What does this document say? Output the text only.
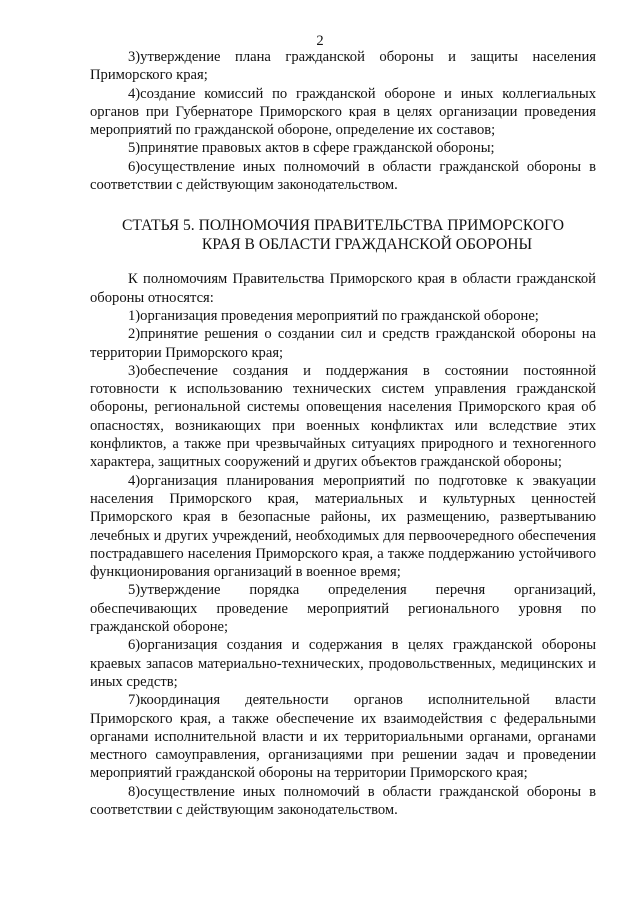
2

3)утверждение плана гражданской обороны и защиты населения Приморского края;

4)создание комиссий по гражданской обороне и иных коллегиальных органов при Губернаторе Приморского края в целях организации проведения мероприятий по гражданской обороне, определение их составов;

5)принятие правовых актов в сфере гражданской обороны;

6)осуществление иных полномочий в области гражданской обороны в соответствии с действующим законодательством.

СТАТЬЯ 5. ПОЛНОМОЧИЯ ПРАВИТЕЛЬСТВА ПРИМОРСКОГО
КРАЯ В ОБЛАСТИ ГРАЖДАНСКОЙ ОБОРОНЫ

К полномочиям Правительства Приморского края в области гражданской обороны относятся:

1)организация проведения мероприятий по гражданской обороне;

2)принятие решения о создании сил и средств гражданской обороны на территории Приморского края;

3)обеспечение создания и поддержания в состоянии постоянной готовности к использованию технических систем управления гражданской обороны, региональной системы оповещения населения Приморского края об опасностях, возникающих при военных конфликтах или вследствие этих конфликтов, а также при чрезвычайных ситуациях природного и техногенного характера, защитных сооружений и других объектов гражданской обороны;

4)организация планирования мероприятий по подготовке к эвакуации населения Приморского края, материальных и культурных ценностей Приморского края в безопасные районы, их размещению, развертыванию лечебных и других учреждений, необходимых для первоочередного обеспечения пострадавшего населения Приморского края, а также поддержанию устойчивого функционирования организаций в военное время;

5)утверждение порядка определения перечня организаций, обеспечивающих проведение мероприятий регионального уровня по гражданской обороне;

6)организация создания и содержания в целях гражданской обороны краевых запасов материально-технических, продовольственных, медицинских и иных средств;

7)координация деятельности органов исполнительной власти Приморского края, а также обеспечение их взаимодействия с федеральными органами исполнительной власти и их территориальными органами, органами местного самоуправления, организациями при решении задач и проведении мероприятий гражданской обороны на территории Приморского края;

8)осуществление иных полномочий в области гражданской обороны в соответствии с действующим законодательством.
